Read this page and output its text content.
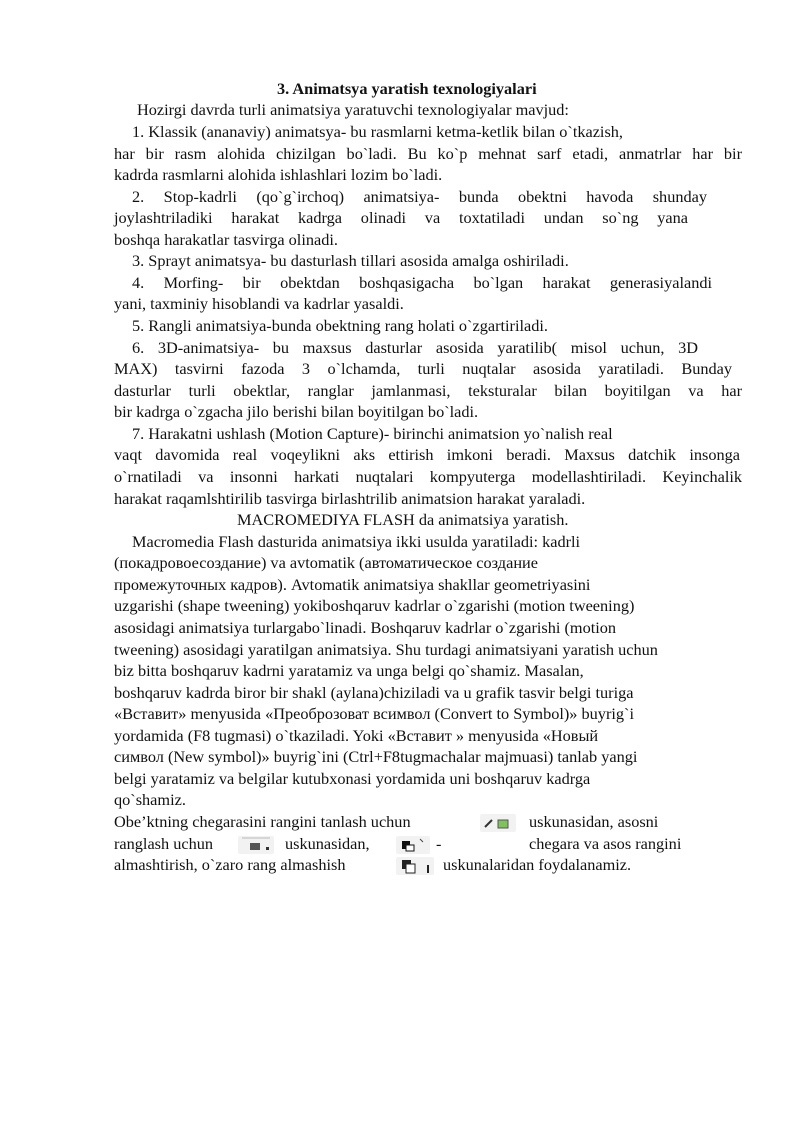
3. Animatsya yaratish texnologiyalari
Hozirgi davrda turli animatsiya yaratuvchi texnologiyalar mavjud:
1. Klassik (ananaviy) animatsya- bu rasmlarni ketma-ketlik bilan o`tkazish,
har bir rasm alohida chizilgan bo`ladi. Bu ko`p mehnat sarf etadi, anmatrlar har bir
kadrda rasmlarni alohida ishlashlari lozim bo`ladi.
2. Stop-kadrli (qo`g`irchoq) animatsiya- bunda obektni havoda shunday
joylashtriladiki harakat kadrga olinadi va toxtatiladi undan so`ng yana
boshqa harakatlar tasvirga olinadi.
3. Sprayt animatsya- bu dasturlash tillari asosida amalga oshiriladi.
4. Morfing- bir obektdan boshqasigacha bo`lgan harakat generasiyalandi
yani, taxminiy hisoblandi va kadrlar yasaldi.
5. Rangli animatsiya-bunda obektning rang holati o`zgartiriladi.
6. 3D-animatsiya- bu maxsus dasturlar asosida yaratilib( misol uchun, 3D
MAX) tasvirni fazoda 3 o`lchamda, turli nuqtalar asosida yaratiladi. Bunday
dasturlar turli obektlar, ranglar jamlanmasi, teksturalar bilan boyitilgan va har
bir kadrga o`zgacha jilo berishi bilan boyitilgan bo`ladi.
7. Harakatni ushlash (Motion Capture)- birinchi animatsion yo`nalish real
vaqt davomida real voqeylikni aks ettirish imkoni beradi. Maxsus datchik insonga
o`rnatiladi va insonni harkati nuqtalari kompyuterga modellashtiriladi. Keyinchalik
harakat raqamlshtirilib tasvirga birlashtrilib animatsion harakat yaraladi.
MACROMEDIYA FLASH da animatsiya yaratish.
Macromedia Flash dasturida animatsiya ikki usulda yaratiladi: kadrli
(покадровоесоздание) va avtomatik (автоматическое создание
промежуточных кадров). Avtomatik animatsiya shakllar geometriyasini
uzgarishi (shape tweening) yokiboshqaruv kadrlar o`zgarishi (motion tweening)
asosidagi animatsiya turlargabo`linadi. Boshqaruv kadrlar o`zgarishi (motion
tweening) asosidagi yaratilgan animatsiya. Shu turdagi animatsiyani yaratish uchun
biz bitta boshqaruv kadrni yaratamiz va unga belgi qo`shamiz. Masalan,
boshqaruv kadrda biror bir shakl (aylana)chiziladi va u grafik tasvir belgi turiga
«Вставит» menyusida «Преоброзоват всимвол (Convert to Symbol)» buyrig`i
yordamida (F8 tugmasi) o`tkaziladi. Yoki «Вставит » menyusida «Новый
символ (New symbol)» buyrig`ini (Ctrl+F8tugmachalar majmuasi) tanlab yangi
belgi yaratamiz va belgilar kutubxonasi yordamida uni boshqaruv kadrga
qo`shamiz.
Obe’ktning chegarasini rangini tanlash uchun	uskunasidan, asosni
ranglash uchun	uskunasidan,	-	chegara va asos rangini
almashtirish, o`zaro rang almashish	uskunalaridan foydalanamiz.
